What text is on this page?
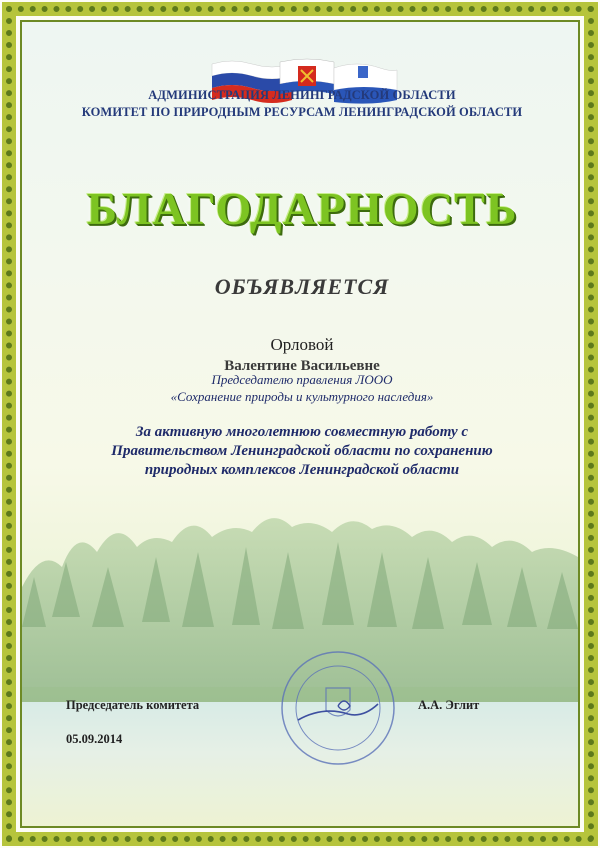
АДМИНИСТРАЦИЯ ЛЕНИНГРАДСКОЙ ОБЛАСТИ
КОМИТЕТ ПО ПРИРОДНЫМ РЕСУРСАМ ЛЕНИНГРАДСКОЙ ОБЛАСТИ
БЛАГОДАРНОСТЬ
ОБЪЯВЛЯЕТСЯ
Орловой
Валентине Васильевне
Председателю правления ЛООО
«Сохранение природы и культурного наследия»
За активную многолетнюю совместную работу с
Правительством Ленинградской области по сохранению
природных комплексов Ленинградской области
Председатель комитета	А.А. Эглит
05.09.2014
